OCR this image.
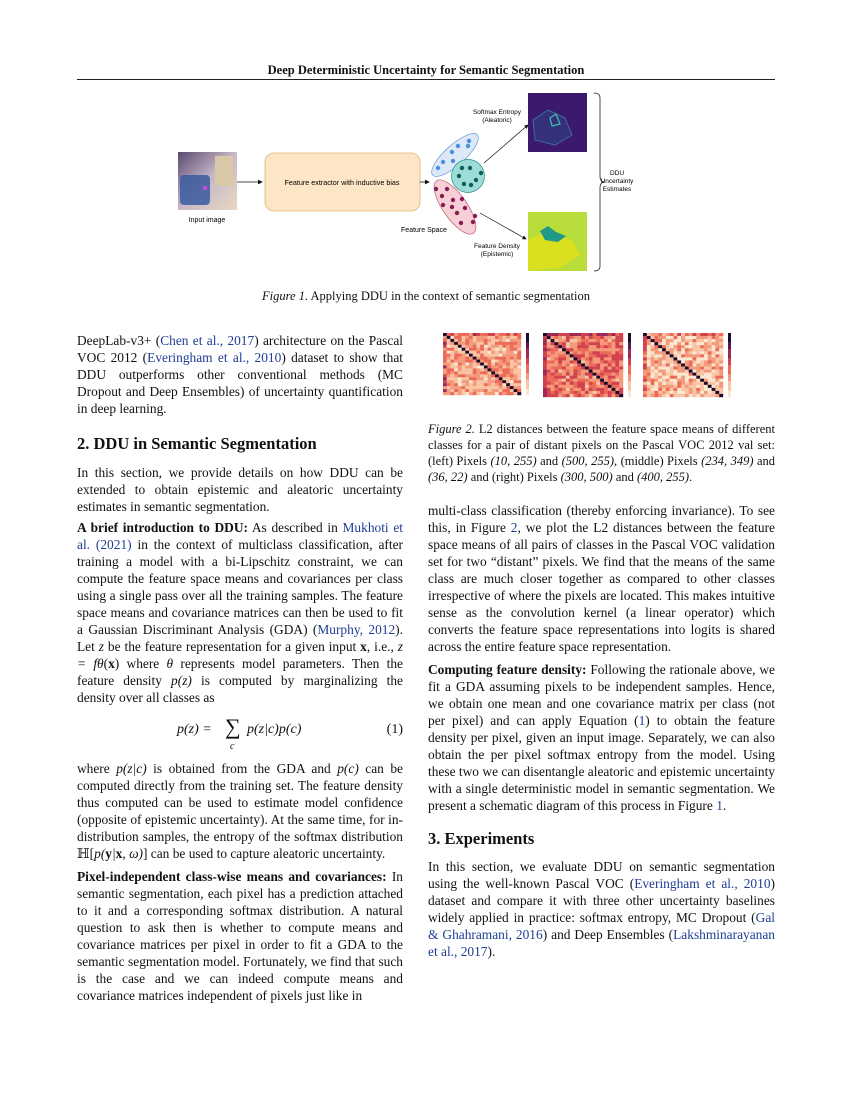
Deep Deterministic Uncertainty for Semantic Segmentation
Input image
Feature extractor with inductive bias
Feature Space
Softmax Entropy
(Aleatoric)
Feature Density
(Epistemic)
DDU
Uncertainty
Estimates
Figure 1. Applying DDU in the context of semantic segmentation
DeepLab-v3+ (Chen et al., 2017) architecture on the Pascal VOC 2012 (Everingham et al., 2010) dataset to show that DDU outperforms other conventional methods (MC Dropout and Deep Ensembles) of uncertainty quantification in deep learning.
2. DDU in Semantic Segmentation
In this section, we provide details on how DDU can be extended to obtain epistemic and aleatoric uncertainty estimates in semantic segmentation.
A brief introduction to DDU: As described in Mukhoti et al. (2021) in the context of multiclass classification, after training a model with a bi-Lipschitz constraint, we can compute the feature space means and covariances per class using a single pass over all the training samples. The feature space means and covariance matrices can then be used to fit a Gaussian Discriminant Analysis (GDA) (Murphy, 2012). Let z be the feature representation for a given input x, i.e., z = fθ(x) where θ represents model parameters. Then the feature density p(z) is computed by marginalizing the density over all classes as
p(z) = ∑
c
p(z|c)p(c)	(1)
where p(z|c) is obtained from the GDA and p(c) can be computed directly from the training set. The feature density thus computed can be used to estimate model confidence (opposite of epistemic uncertainty). At the same time, for in-distribution samples, the entropy of the softmax distribution ℍ[p(y|x, ω)] can be used to capture aleatoric uncertainty.
Pixel-independent class-wise means and covariances: In semantic segmentation, each pixel has a prediction attached to it and a corresponding softmax distribution. A natural question to ask then is whether to compute means and covariance matrices per pixel in order to fit a GDA to the semantic segmentation model. Fortunately, we find that such is the case and we can indeed compute means and covariance matrices independent of pixels just like in
Figure 2. L2 distances between the feature space means of different classes for a pair of distant pixels on the Pascal VOC 2012 val set: (left) Pixels (10, 255) and (500, 255), (middle) Pixels (234, 349) and (36, 22) and (right) Pixels (300, 500) and (400, 255).
multi-class classification (thereby enforcing invariance). To see this, in Figure 2, we plot the L2 distances between the feature space means of all pairs of classes in the Pascal VOC validation set for two “distant” pixels. We find that the means of the same class are much closer together as compared to other classes irrespective of where the pixels are located. This makes intuitive sense as the convolution kernel (a linear operator) which converts the feature space representations into logits is shared across the entire feature space representation.
Computing feature density: Following the rationale above, we fit a GDA assuming pixels to be independent samples. Hence, we obtain one mean and one covariance matrix per class (not per pixel) and can apply Equation (1) to obtain the feature density per pixel, given an input image. Separately, we can also obtain the per pixel softmax entropy from the model. Using these two we can disentangle aleatoric and epistemic uncertainty with a single deterministic model in semantic segmentation. We present a schematic diagram of this process in Figure 1.
3. Experiments
In this section, we evaluate DDU on semantic segmentation using the well-known Pascal VOC (Everingham et al., 2010) dataset and compare it with three other uncertainty baselines widely applied in practice: softmax entropy, MC Dropout (Gal & Ghahramani, 2016) and Deep Ensembles (Lakshminarayanan et al., 2017).
